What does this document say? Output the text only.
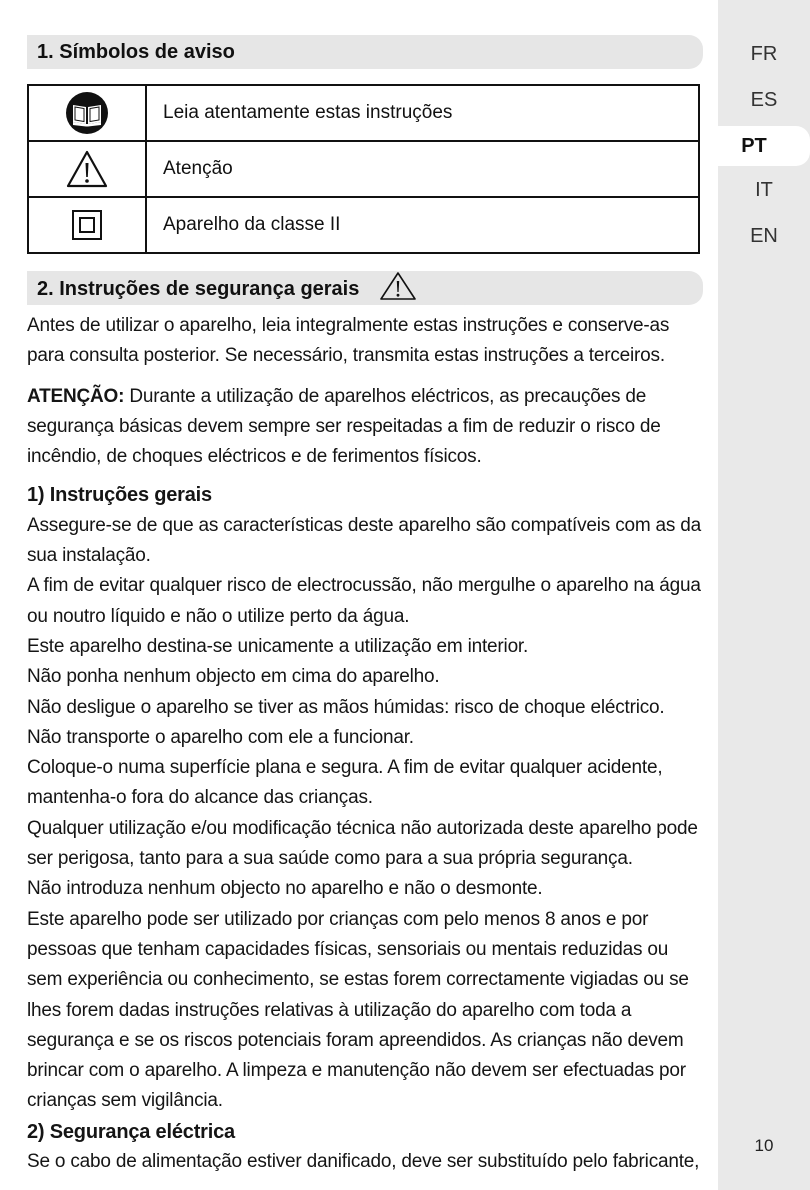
FR
ES
PT
IT
EN
10
1. Símbolos de aviso
	Leia atentamente estas instruções
	Atenção
	Aparelho da classe II
2. Instruções de segurança gerais

Antes de utilizar o aparelho, leia integralmente estas instruções e conserve-as para consulta posterior. Se necessário, transmita estas instruções a terceiros.

ATENÇÃO: Durante a utilização de aparelhos eléctricos, as precauções de segurança básicas devem sempre ser respeitadas a fim de reduzir o risco de incêndio, de choques eléctricos e de ferimentos físicos.

1) Instruções gerais

Assegure-se de que as características deste aparelho são compatíveis com as da sua instalação.

A fim de evitar qualquer risco de electrocussão, não mergulhe o aparelho na água ou noutro líquido e não o utilize perto da água.

Este aparelho destina-se unicamente a utilização em interior.

Não ponha nenhum objecto em cima do aparelho.

Não desligue o aparelho se tiver as mãos húmidas: risco de choque eléctrico.

Não transporte o aparelho com ele a funcionar.

Coloque-o numa superfície plana e segura. A fim de evitar qualquer acidente, mantenha-o fora do alcance das crianças.

Qualquer utilização e/ou modificação técnica não autorizada deste aparelho pode ser perigosa, tanto para a sua saúde como para a sua própria segurança.

Não introduza nenhum objecto no aparelho e não o desmonte.

Este aparelho pode ser utilizado por crianças com pelo menos 8 anos e por pessoas que tenham capacidades físicas, sensoriais ou mentais reduzidas ou sem experiência ou conhecimento, se estas forem correctamente vigiadas ou se lhes forem dadas instruções relativas à utilização do aparelho com toda a segurança e se os riscos potenciais foram apreendidos. As crianças não devem brincar com o aparelho. A limpeza e manutenção não devem ser efectuadas por crianças sem vigilância.

2) Segurança eléctrica

Se o cabo de alimentação estiver danificado, deve ser substituído pelo fabricante,
